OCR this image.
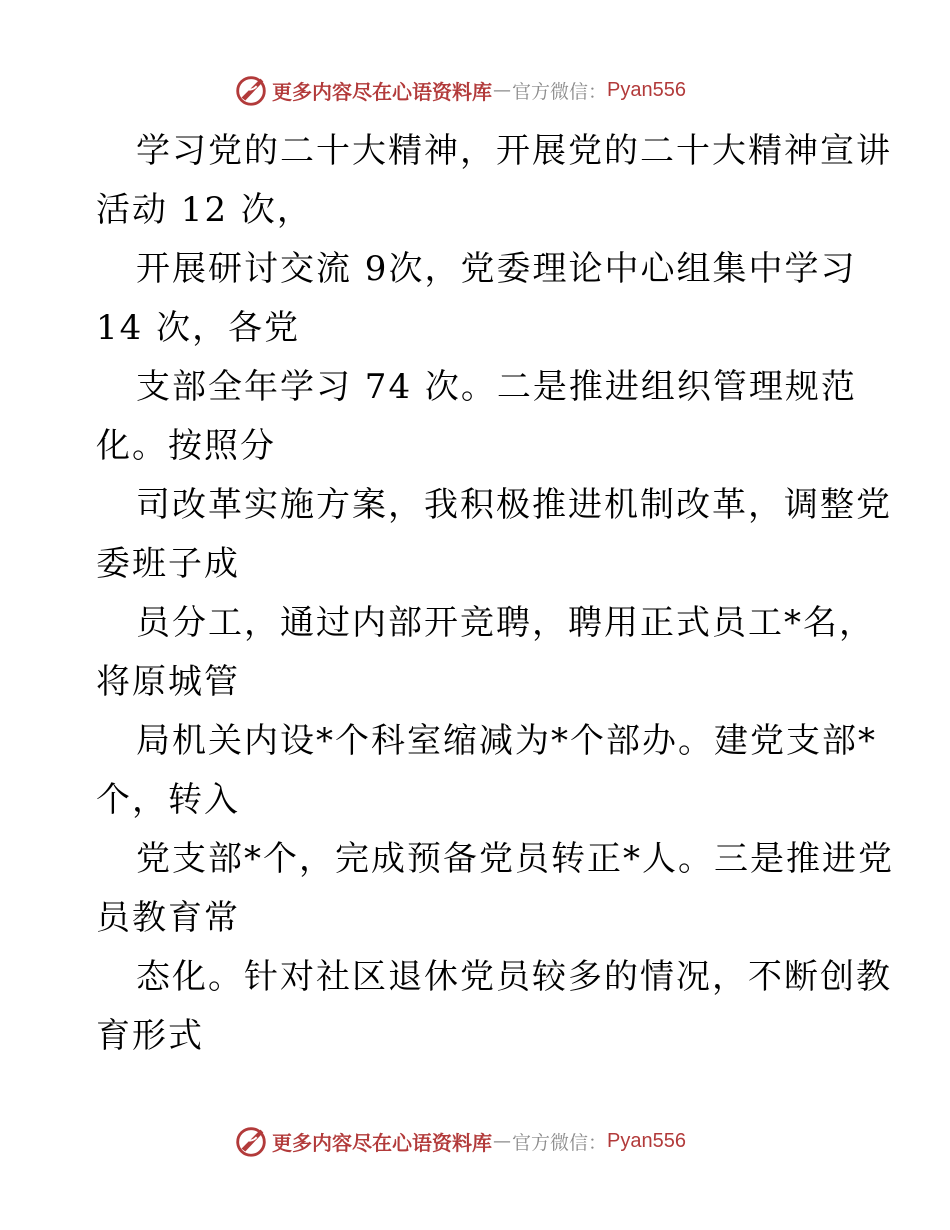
更多内容尽在心语资料库 — 官方微信： Pyan556
学习党的二十大精神，开展党的二十大精神宣讲
活动 12 次，
开展研讨交流 9次，党委理论中心组集中学习
14 次，各党
支部全年学习 74 次。二是推进组织管理规范
化。按照分
司改革实施方案，我积极推进机制改革，调整党
委班子成
员分工，通过内部开竞聘，聘用正式员工*名，
将原城管
局机关内设*个科室缩减为*个部办。建党支部*
个，转入
党支部*个，完成预备党员转正*人。三是推进党
员教育常
态化。针对社区退休党员较多的情况，不断创教
育形式
更多内容尽在心语资料库 — 官方微信： Pyan556
